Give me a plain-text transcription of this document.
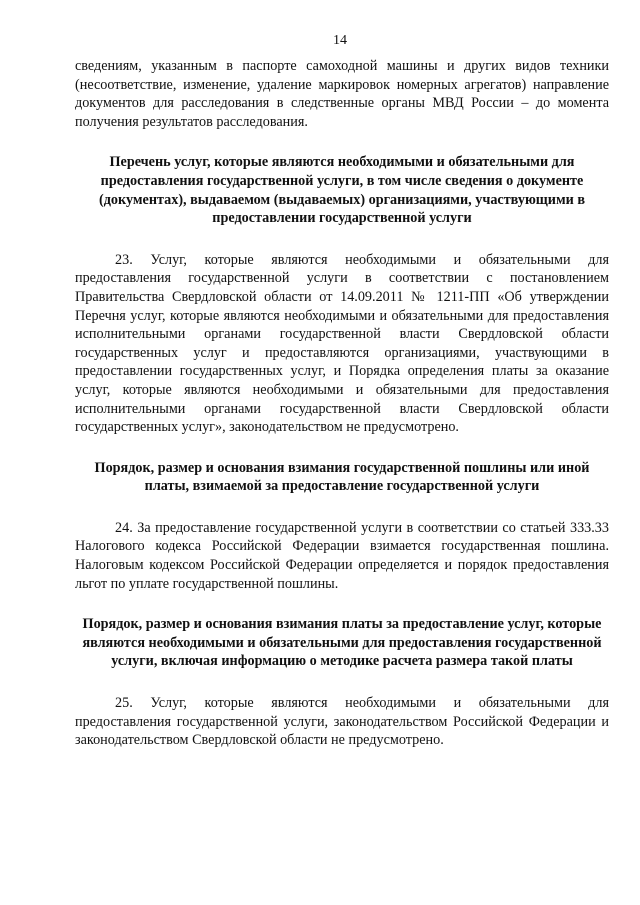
14

сведениям, указанным в паспорте самоходной машины и других видов техники (несоответствие, изменение, удаление маркировок номерных агрегатов) направление документов для расследования в следственные органы МВД России – до момента получения результатов расследования.

Перечень услуг, которые являются необходимыми и обязательными для предоставления государственной услуги, в том числе сведения о документе (документах), выдаваемом (выдаваемых) организациями, участвующими в предоставлении государственной услуги

23. Услуг, которые являются необходимыми и обязательными для предоставления государственной услуги в соответствии с постановлением Правительства Свердловской области от 14.09.2011 № 1211-ПП «Об утверждении Перечня услуг, которые являются необходимыми и обязательными для предоставления исполнительными органами государственной власти Свердловской области государственных услуг и предоставляются организациями, участвующими в предоставлении государственных услуг, и Порядка определения платы за оказание услуг, которые являются необходимыми и обязательными для предоставления исполнительными органами государственной власти Свердловской области государственных услуг», законодательством не предусмотрено.

Порядок, размер и основания взимания государственной пошлины или иной платы, взимаемой за предоставление государственной услуги

24. За предоставление государственной услуги в соответствии со статьей 333.33 Налогового кодекса Российской Федерации взимается государственная пошлина. Налоговым кодексом Российской Федерации определяется и порядок предоставления льгот по уплате государственной пошлины.

Порядок, размер и основания взимания платы за предоставление услуг, которые являются необходимыми и обязательными для предоставления государственной услуги, включая информацию о методике расчета размера такой платы

25. Услуг, которые являются необходимыми и обязательными для предоставления государственной услуги, законодательством Российской Федерации и законодательством Свердловской области не предусмотрено.
